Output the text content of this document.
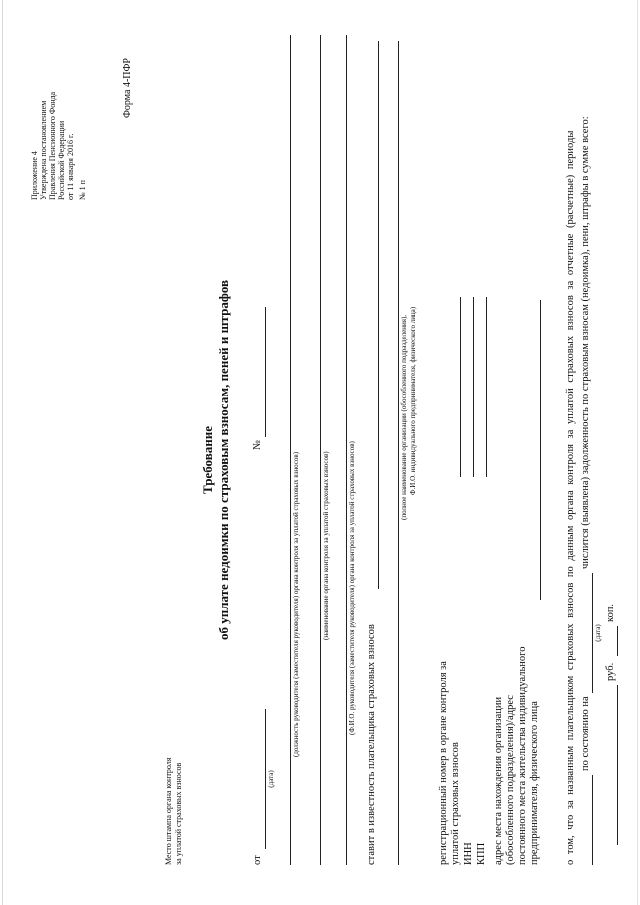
Приложение 4 Утверждена постановлением Правления Пенсионного Фонда Российской Федерации от 11 января 2016 г. № 1 п
Форма 4-ПФР
Место штампа органа контроля за уплатой страховых взносов
Требование об уплате недоимки по страховым взносам, пеней и штрафов
от
(дата)
№
(должность руководителя (заместителя руководителя) органа контроля за уплатой страховых взносов)	(наименование органа контроля за уплатой страховых взносов)	(Ф.И.О. руководителя (заместителя руководителя) органа контроля за уплатой страховых взносов)
ставит в известность плательщика страховых взносов
(полное наименование организации (обособленного подразделения), Ф.И.О. индивидуального предпринимателя, физического лица)
регистрационный номер в органе контроля за уплатой страховых взносов ИНН КПП адрес места нахождения организации (обособленного подразделения)/адрес постоянного места жительства индивидуального предпринимателя, физического лица о том, что за названным плательщиком страховых взносов по данным органа контроля за уплатой страховых взносов за отчетные (расчетные) периоды по состоянию на
(дата)
числится (выявлена) задолженность по страховым взносам (недоимка), пени, штрафы в сумме всего:
руб.
коп.
